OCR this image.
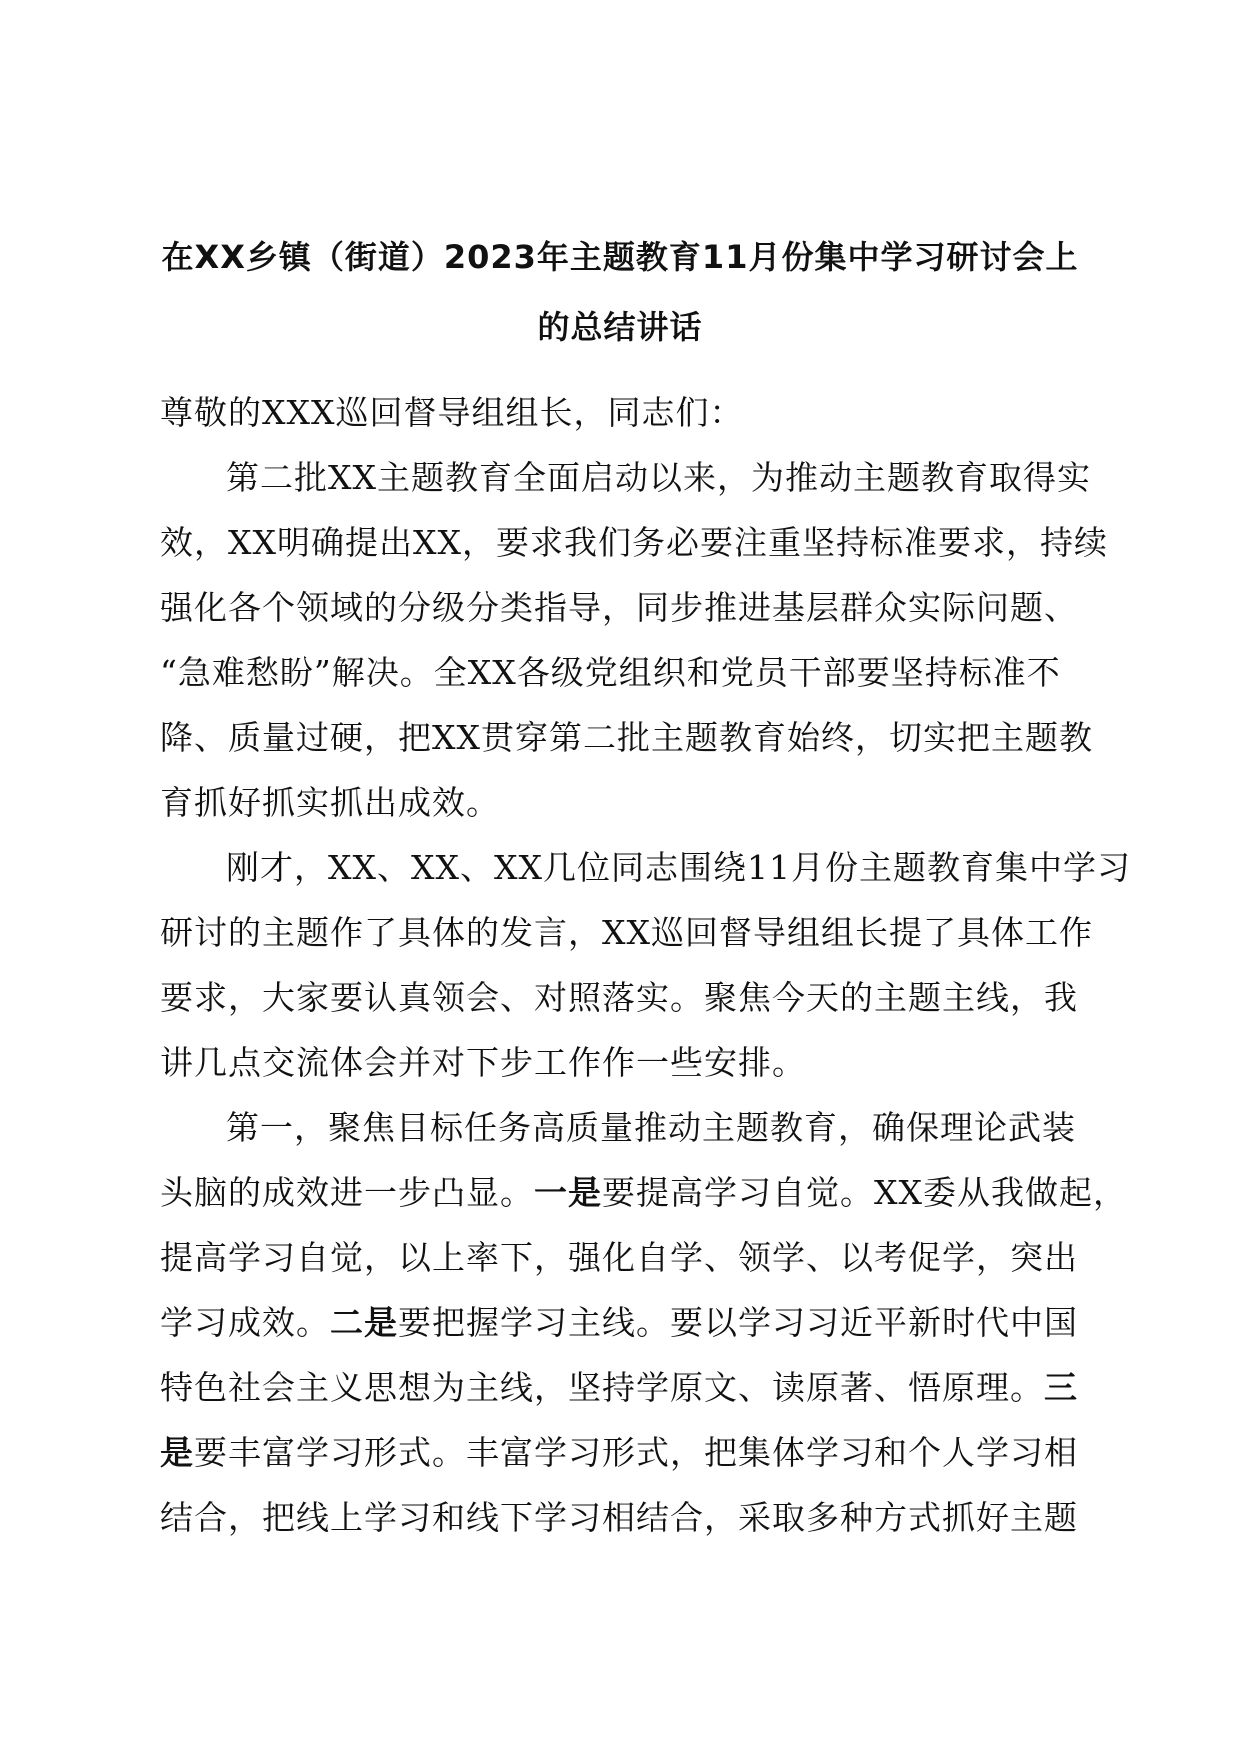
在XX乡镇（街道）2023年主题教育11月份集中学习研讨会上
的总结讲话
尊敬的XXX巡回督导组组长，同志们：
第二批XX主题教育全面启动以来，为推动主题教育取得实
效，XX明确提出XX，要求我们务必要注重坚持标准要求，持续
强化各个领域的分级分类指导，同步推进基层群众实际问题、
“急难愁盼”解决。全XX各级党组织和党员干部要坚持标准不
降、质量过硬，把XX贯穿第二批主题教育始终，切实把主题教
育抓好抓实抓出成效。
刚才，XX、XX、XX几位同志围绕11月份主题教育集中学习
研讨的主题作了具体的发言，XX巡回督导组组长提了具体工作
要求，大家要认真领会、对照落实。聚焦今天的主题主线，我
讲几点交流体会并对下步工作作一些安排。
第一，聚焦目标任务高质量推动主题教育，确保理论武装
头脑的成效进一步凸显。一是要提高学习自觉。XX委从我做起，
提高学习自觉，以上率下，强化自学、领学、以考促学，突出
学习成效。二是要把握学习主线。要以学习习近平新时代中国
特色社会主义思想为主线，坚持学原文、读原著、悟原理。三
是要丰富学习形式。丰富学习形式，把集体学习和个人学习相
结合，把线上学习和线下学习相结合，采取多种方式抓好主题
